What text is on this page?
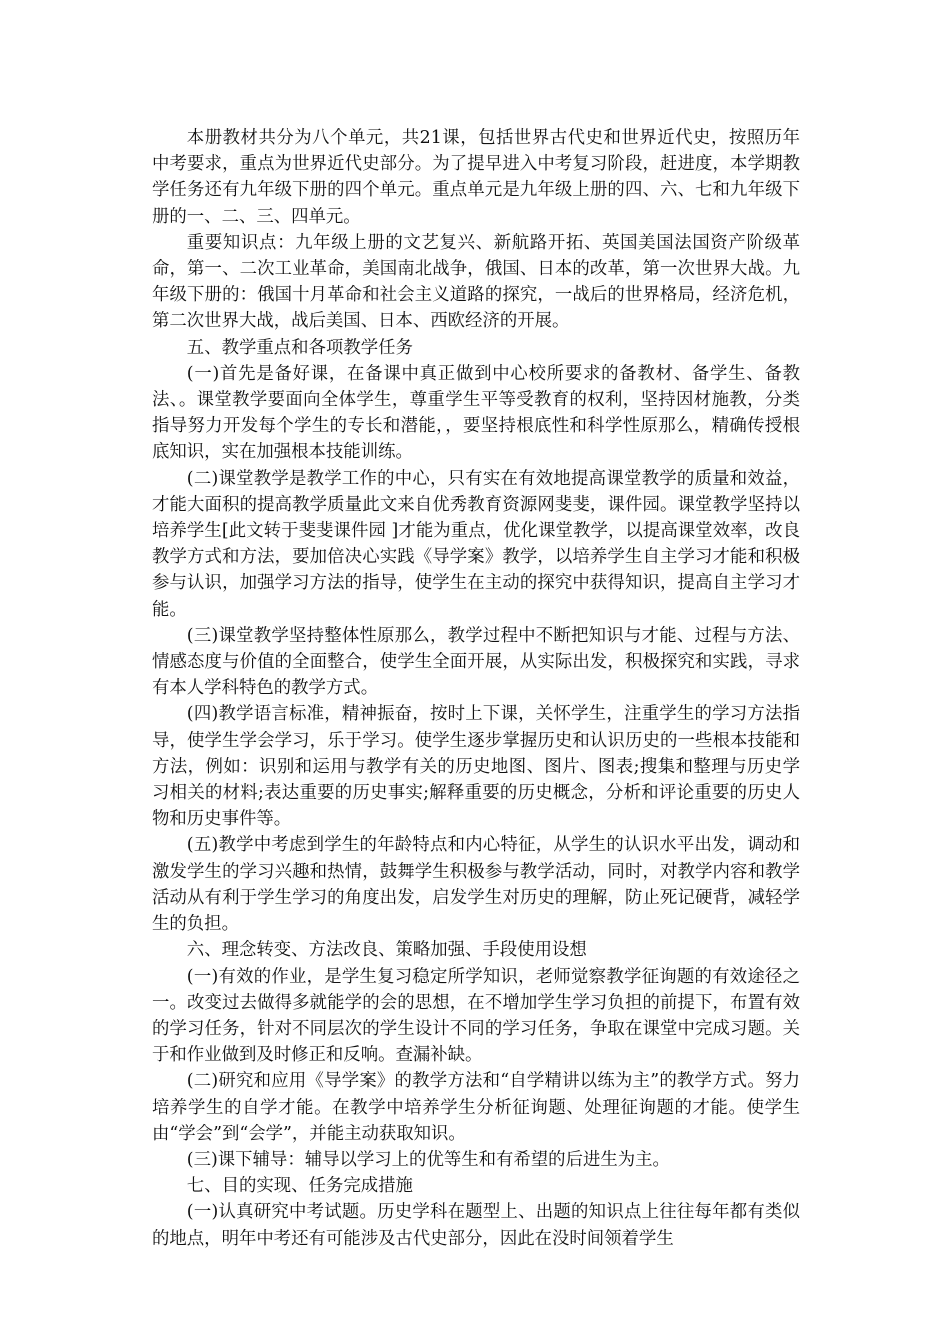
本册教材共分为八个单元，共21课，包括世界古代史和世界近代史，按照历年中考要求，重点为世界近代史部分。为了提早进入中考复习阶段，赶进度，本学期教学任务还有九年级下册的四个单元。重点单元是九年级上册的四、六、七和九年级下册的一、二、三、四单元。

重要知识点：九年级上册的文艺复兴、新航路开拓、英国美国法国资产阶级革命，第一、二次工业革命，美国南北战争，俄国、日本的改革，第一次世界大战。九年级下册的：俄国十月革命和社会主义道路的探究，一战后的世界格局，经济危机，第二次世界大战，战后美国、日本、西欧经济的开展。

五、教学重点和各项教学任务

(一)首先是备好课，在备课中真正做到中心校所要求的备教材、备学生、备教法、。课堂教学要面向全体学生，尊重学生平等受教育的权利，坚持因材施教，分类指导努力开发每个学生的专长和潜能，，要坚持根底性和科学性原那么，精确传授根底知识，实在加强根本技能训练。

(二)课堂教学是教学工作的中心，只有实在有效地提高课堂教学的质量和效益，才能大面积的提高教学质量此文来自优秀教育资源网斐斐，课件园。课堂教学坚持以培养学生[此文转于斐斐课件园 ]才能为重点，优化课堂教学，以提高课堂效率，改良教学方式和方法，要加倍决心实践《导学案》教学，以培养学生自主学习才能和积极参与认识，加强学习方法的指导，使学生在主动的探究中获得知识，提高自主学习才能。

(三)课堂教学坚持整体性原那么，教学过程中不断把知识与才能、过程与方法、情感态度与价值的全面整合，使学生全面开展，从实际出发，积极探究和实践，寻求有本人学科特色的教学方式。

(四)教学语言标准，精神振奋，按时上下课，关怀学生，注重学生的学习方法指导，使学生学会学习，乐于学习。使学生逐步掌握历史和认识历史的一些根本技能和方法，例如：识别和运用与教学有关的历史地图、图片、图表;搜集和整理与历史学习相关的材料;表达重要的历史事实;解释重要的历史概念，分析和评论重要的历史人物和历史事件等。

(五)教学中考虑到学生的年龄特点和内心特征，从学生的认识水平出发，调动和激发学生的学习兴趣和热情，鼓舞学生积极参与教学活动，同时，对教学内容和教学活动从有利于学生学习的角度出发，启发学生对历史的理解，防止死记硬背，减轻学生的负担。

六、理念转变、方法改良、策略加强、手段使用设想

(一)有效的作业，是学生复习稳定所学知识，老师觉察教学征询题的有效途径之一。改变过去做得多就能学的会的思想，在不增加学生学习负担的前提下，布置有效的学习任务，针对不同层次的学生设计不同的学习任务，争取在课堂中完成习题。关于和作业做到及时修正和反响。查漏补缺。

(二)研究和应用《导学案》的教学方法和“自学精讲以练为主”的教学方式。努力培养学生的自学才能。在教学中培养学生分析征询题、处理征询题的才能。使学生由“学会”到“会学”，并能主动获取知识。

(三)课下辅导：辅导以学习上的优等生和有希望的后进生为主。

七、目的实现、任务完成措施

(一)认真研究中考试题。历史学科在题型上、出题的知识点上往往每年都有类似的地点，明年中考还有可能涉及古代史部分，因此在没时间领着学生
